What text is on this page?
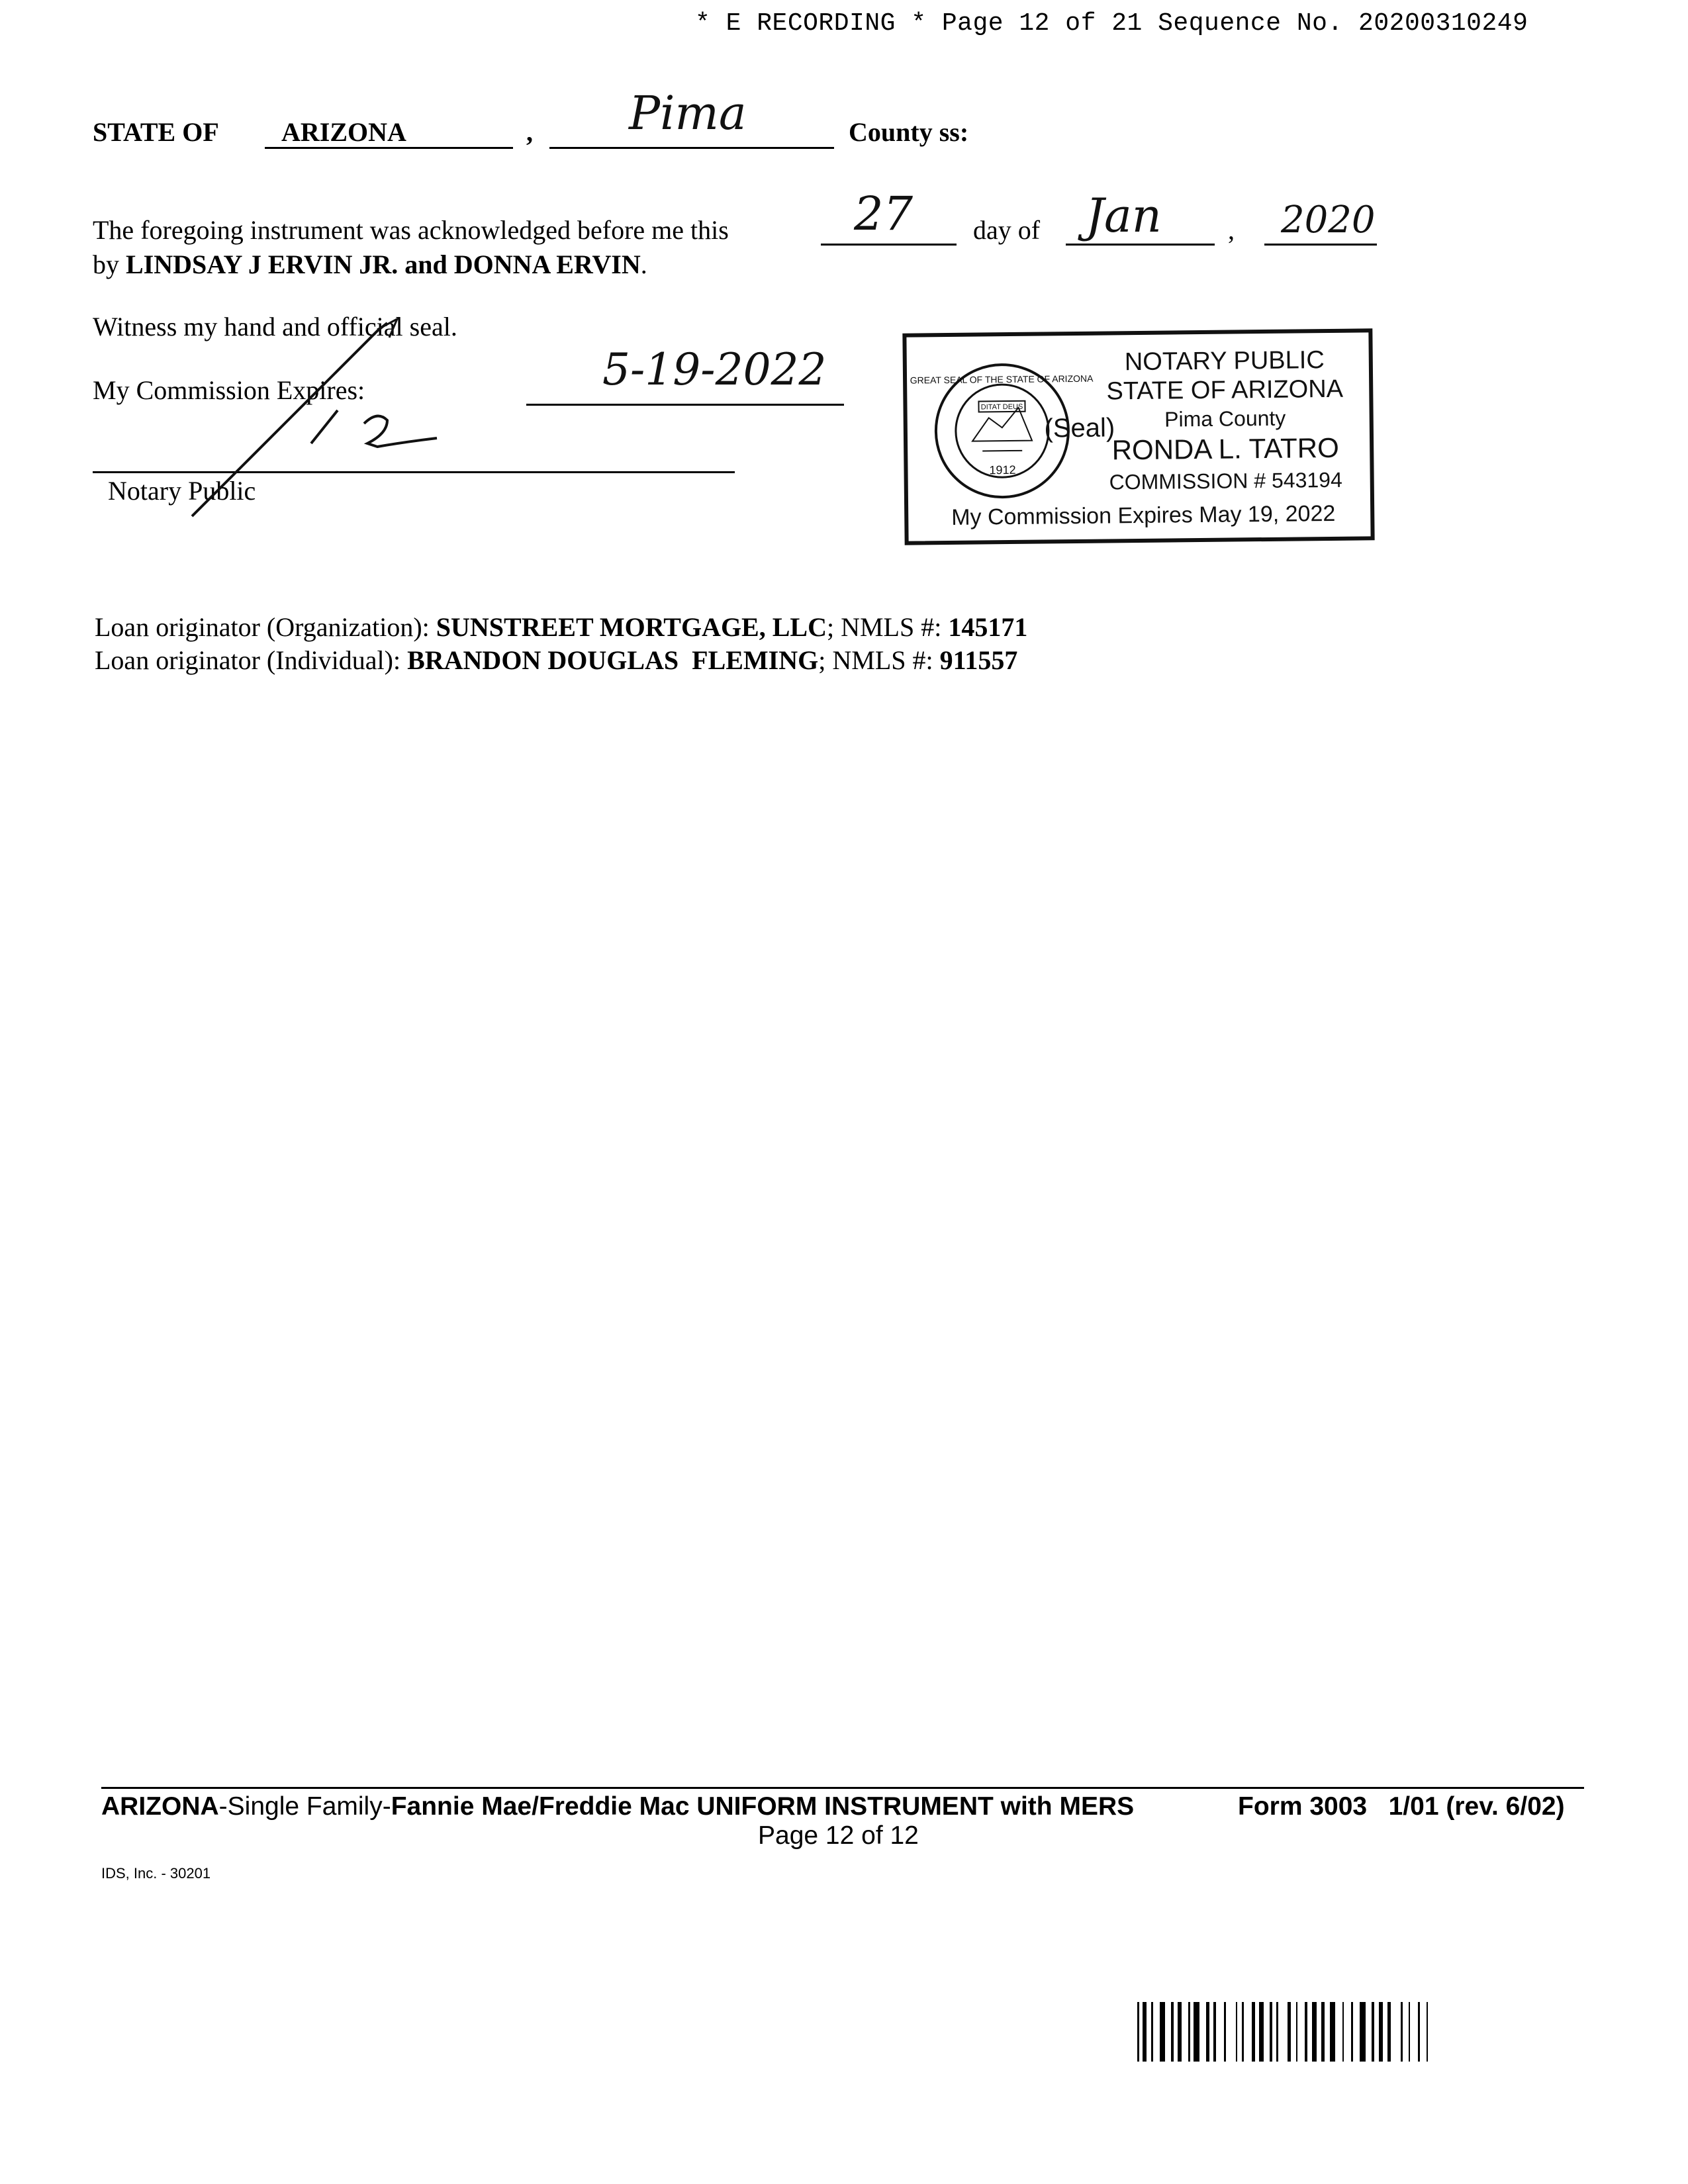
* E RECORDING * Page 12 of 21 Sequence No. 20200310249
STATE OF ARIZONA	, Pima	County ss:
The foregoing instrument was acknowledged before me this	27 day of Jan	, 2020
by LINDSAY J ERVIN JR. and DONNA ERVIN.
Witness my hand and official seal.
My Commission Expires:	5-19-2022
Notary Public
DITAT DEUS
1912
GREAT SEAL OF THE STATE OF ARIZONA
(Seal)
NOTARY PUBLIC
STATE OF ARIZONA
Pima County
RONDA L. TATRO
COMMISSION # 543194
My Commission Expires May 19, 2022
Loan originator (Organization): SUNSTREET MORTGAGE, LLC; NMLS #: 145171
Loan originator (Individual): BRANDON DOUGLAS  FLEMING; NMLS #: 911557
ARIZONA-Single Family-Fannie Mae/Freddie Mac UNIFORM INSTRUMENT with MERS	Form 3003   1/01 (rev. 6/02)
Page 12 of 12
IDS, Inc. - 30201
